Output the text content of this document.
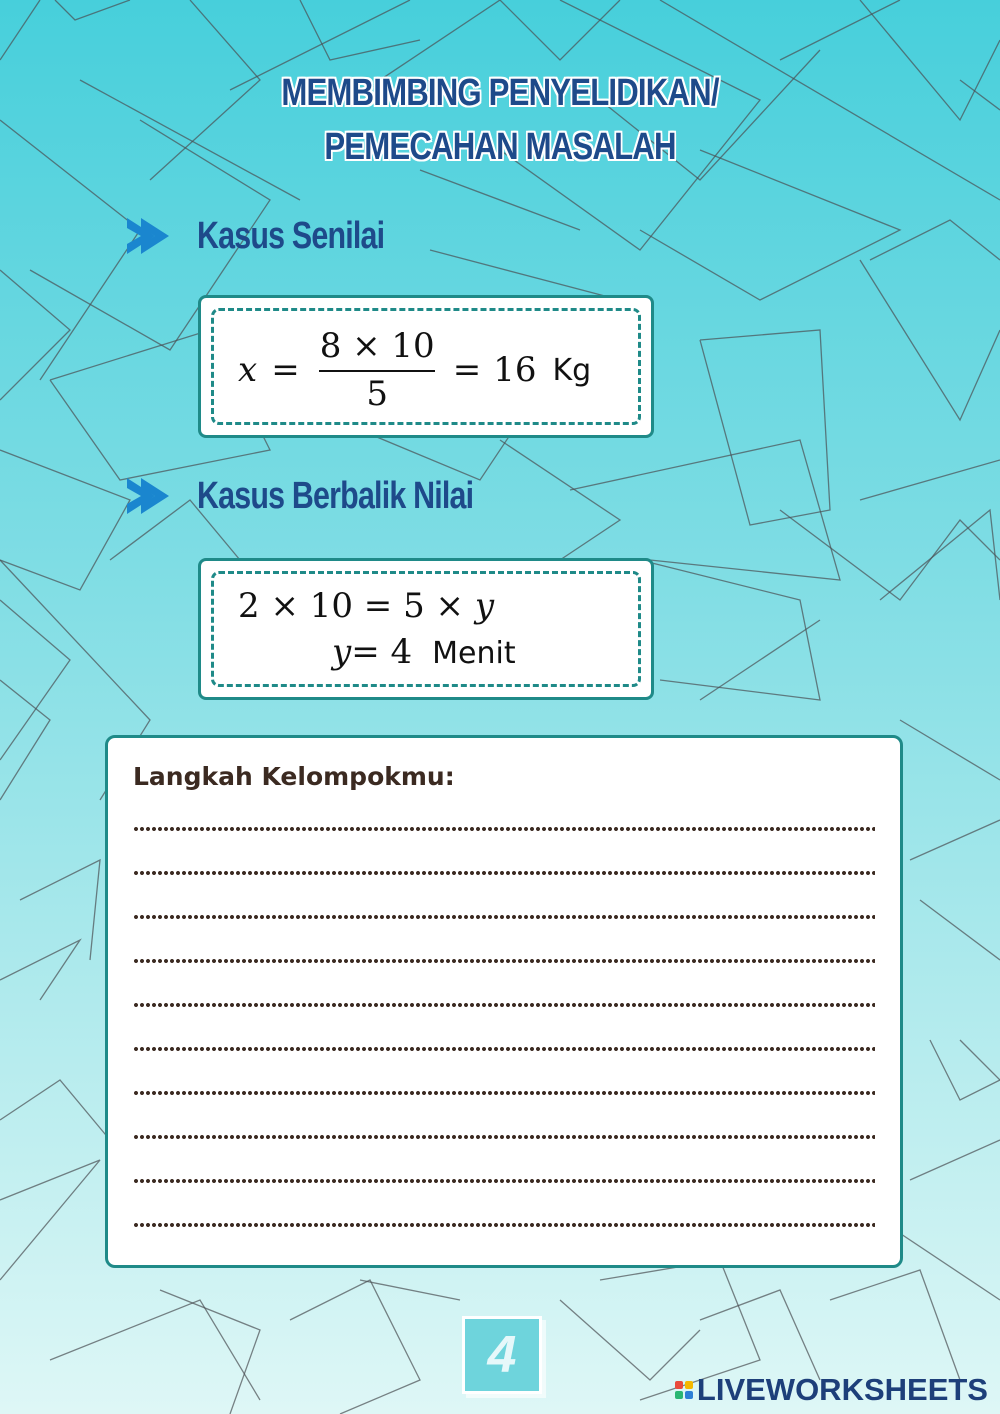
MEMBIMBING PENYELIDIKAN/
PEMECAHAN MASALAH
Kasus Senilai
x =
8 × 10
5
= 16 Kg
Kasus Berbalik Nilai
2 × 10 = 5 × y
y = 4 Menit
Langkah Kelompokmu:
4
LIVEWORKSHEETS
